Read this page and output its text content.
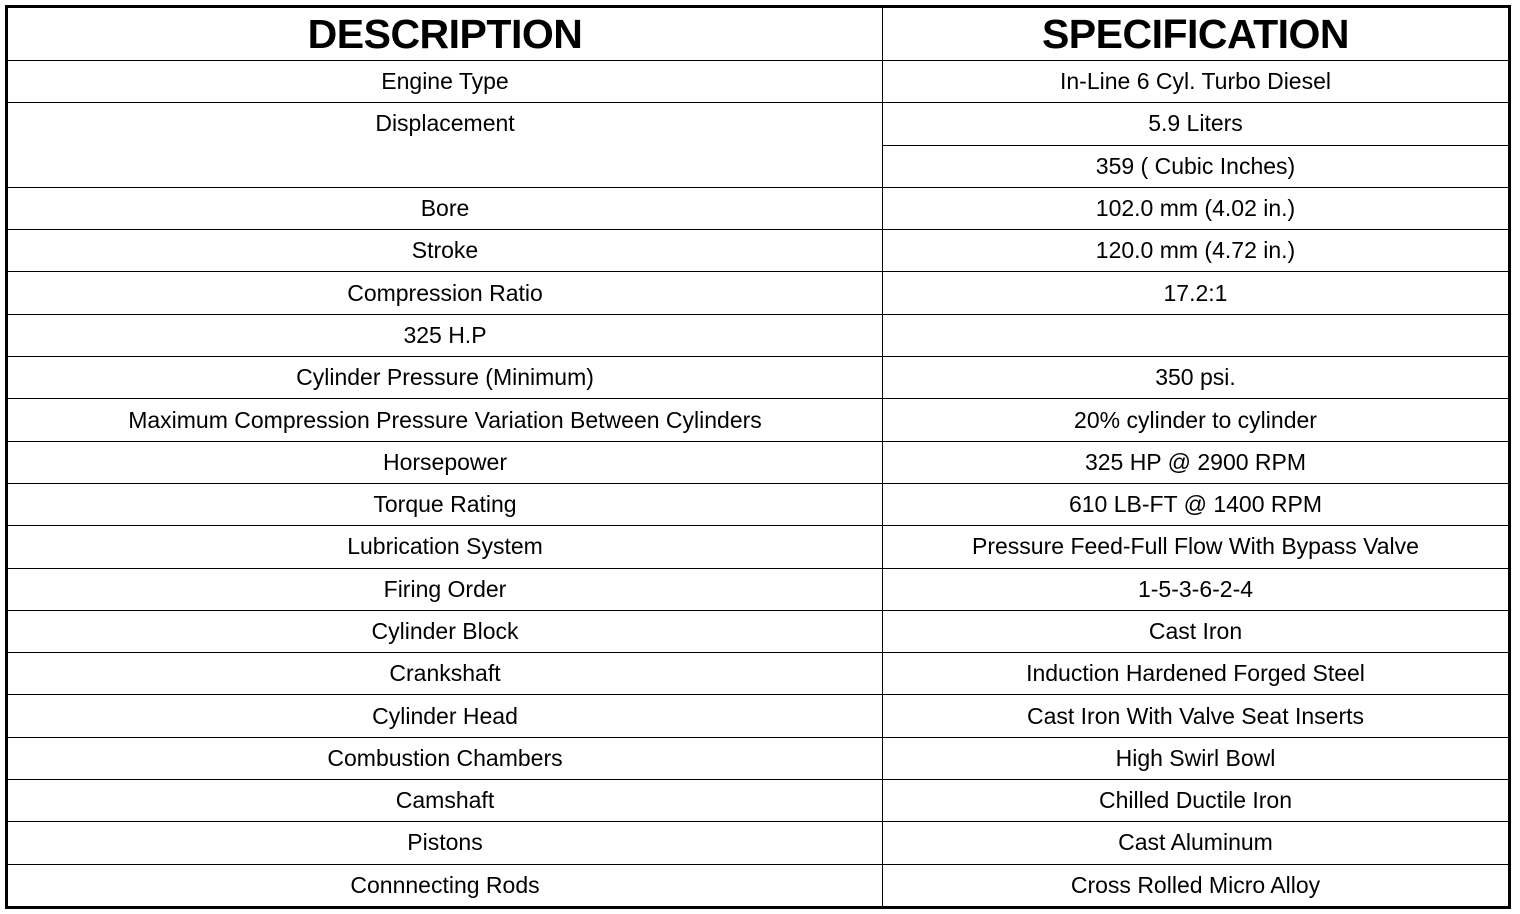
DESCRIPTION	SPECIFICATION
Engine Type	In-Line 6 Cyl. Turbo Diesel
Displacement	5.9 Liters
	359 ( Cubic Inches)
Bore	102.0 mm (4.02 in.)
Stroke	120.0 mm (4.72 in.)
Compression Ratio	17.2:1
325 H.P	
Cylinder Pressure (Minimum)	350 psi.
Maximum Compression Pressure Variation Between Cylinders	20% cylinder to cylinder
Horsepower	325 HP @ 2900 RPM
Torque Rating	610 LB-FT @ 1400 RPM
Lubrication System	Pressure Feed-Full Flow With Bypass Valve
Firing Order	1-5-3-6-2-4
Cylinder Block	Cast Iron
Crankshaft	Induction Hardened Forged Steel
Cylinder Head	Cast Iron With Valve Seat Inserts
Combustion Chambers	High Swirl Bowl
Camshaft	Chilled Ductile Iron
Pistons	Cast Aluminum
Connnecting Rods	Cross Rolled Micro Alloy
